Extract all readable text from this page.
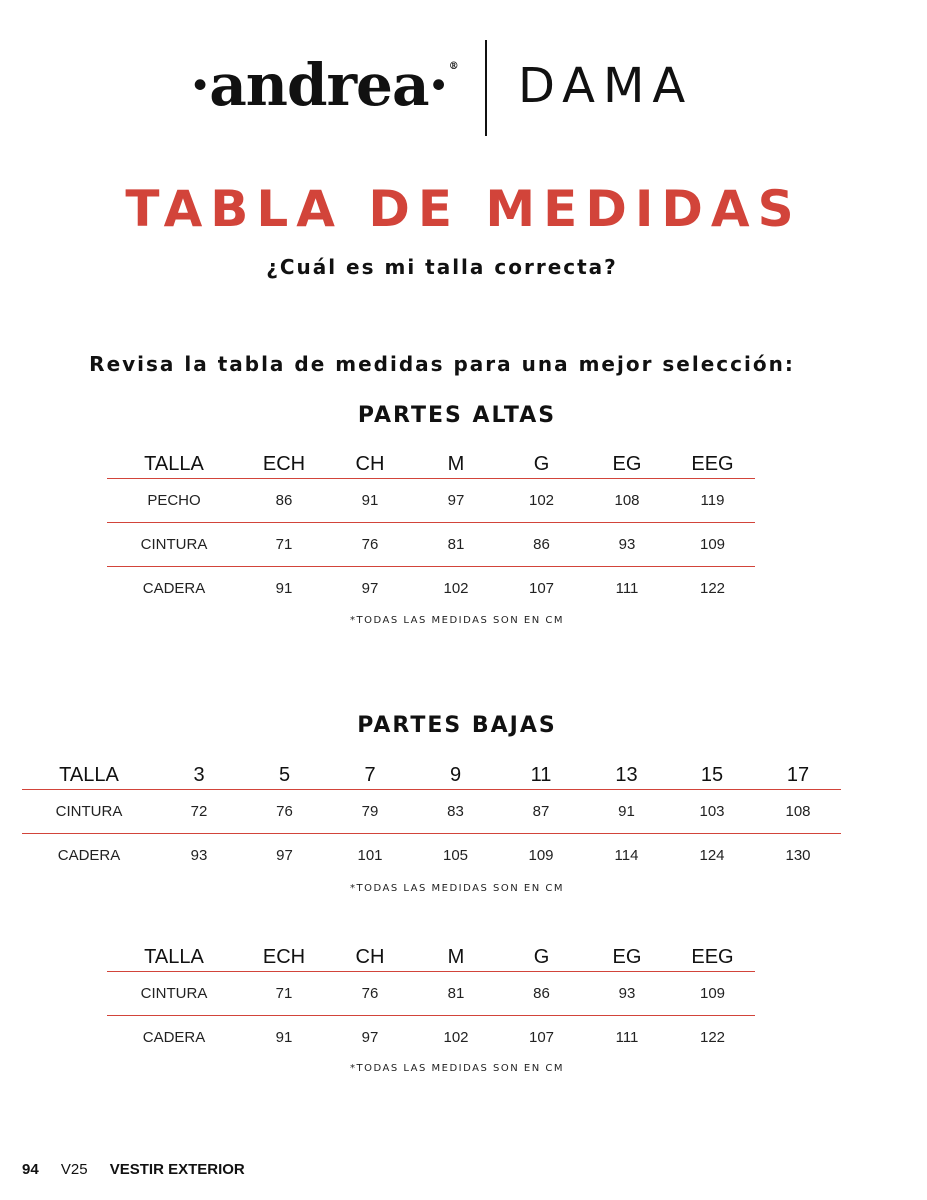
·andrea·® DAMA
TABLA DE MEDIDAS
¿Cuál es mi talla correcta?
Revisa la tabla de medidas para una mejor selección:
PARTES ALTAS
TALLA	ECH	CH	M	G	EG	EEG
PECHO	86	91	97	102	108	119
CINTURA	71	76	81	86	93	109
CADERA	91	97	102	107	111	122
*TODAS LAS MEDIDAS SON EN CM
PARTES BAJAS
TALLA	3	5	7	9	11	13	15	17
CINTURA	72	76	79	83	87	91	103	108
CADERA	93	97	101	105	109	114	124	130
*TODAS LAS MEDIDAS SON EN CM
TALLA	ECH	CH	M	G	EG	EEG
CINTURA	71	76	81	86	93	109
CADERA	91	97	102	107	111	122
*TODAS LAS MEDIDAS SON EN CM
94 V25 VESTIR EXTERIOR
